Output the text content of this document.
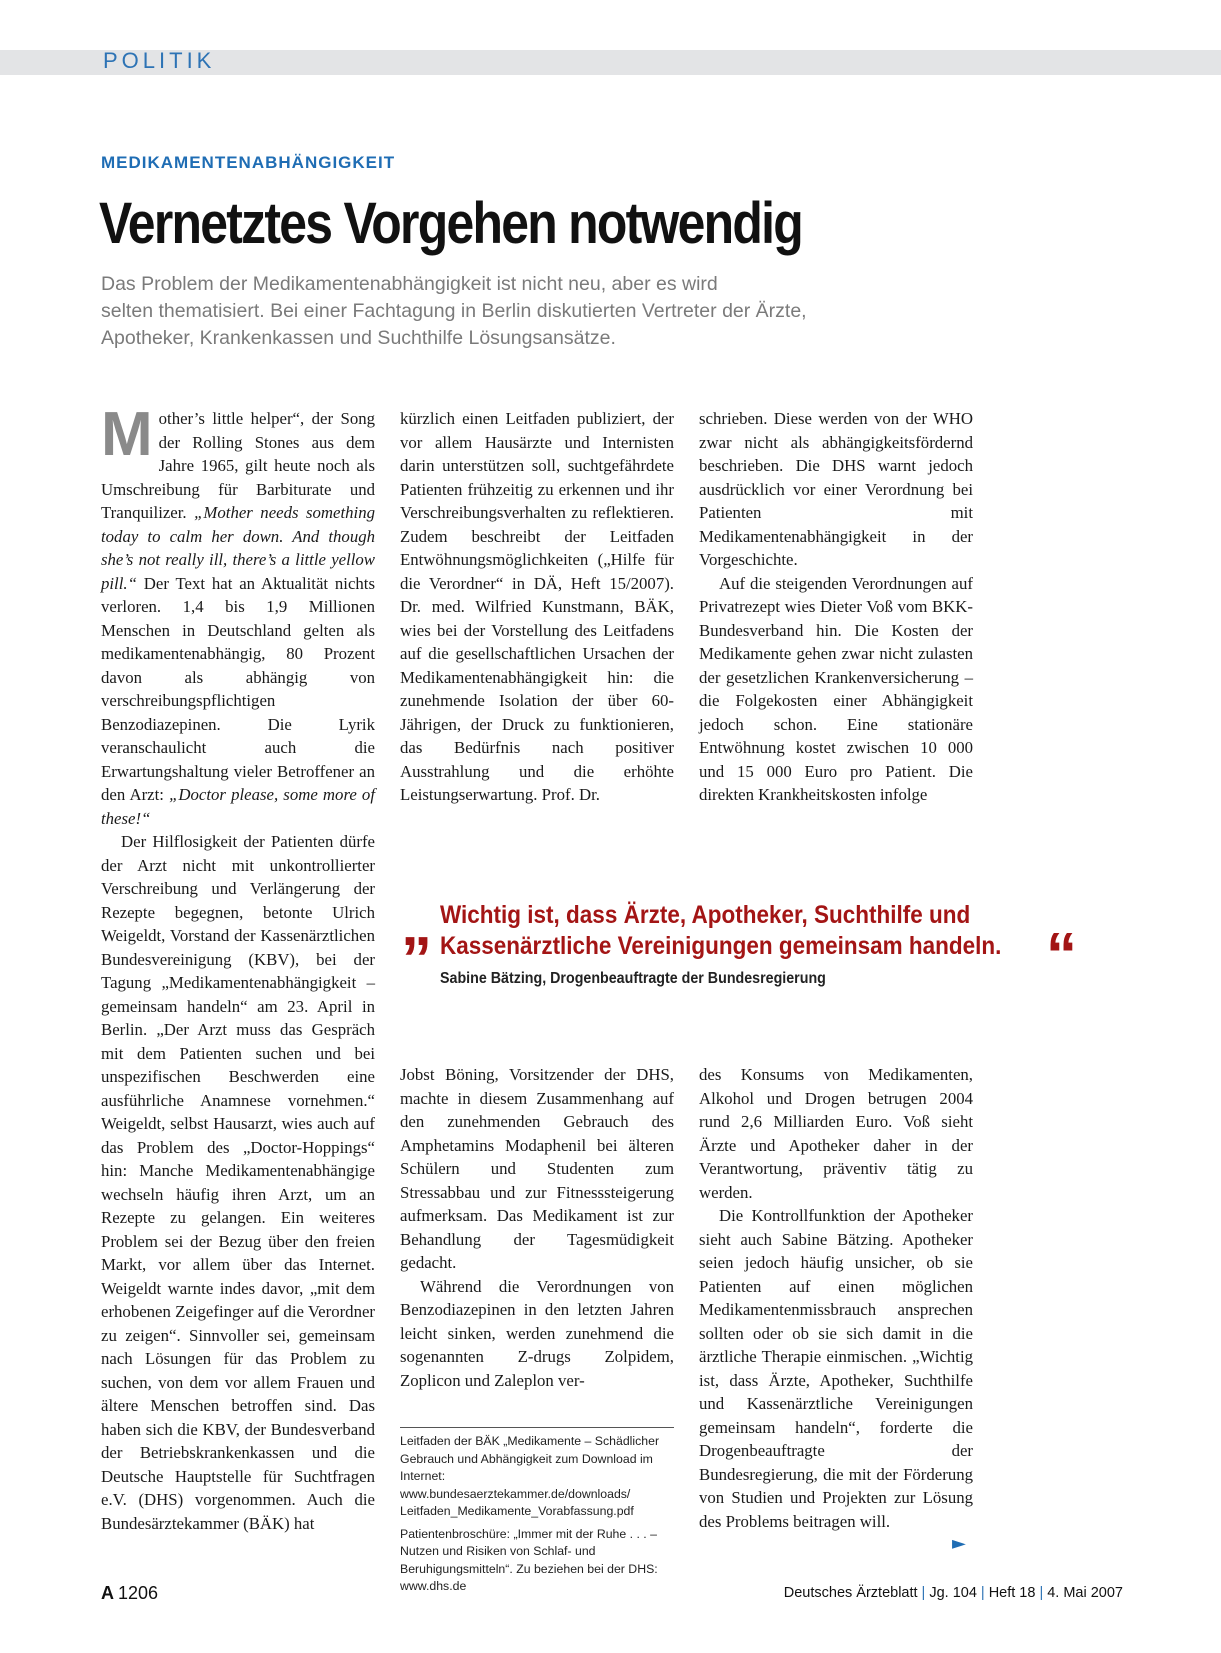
POLITIK
MEDIKAMENTENABHÄNGIGKEIT
Vernetztes Vorgehen notwendig
Das Problem der Medikamentenabhängigkeit ist nicht neu, aber es wird
selten thematisiert. Bei einer Fachtagung in Berlin diskutierten Vertreter der Ärzte,
Apotheker, Krankenkassen und Suchthilfe Lösungsansätze.

Mother’s little helper“, der Song der Rolling Stones aus dem Jahre 1965, gilt heute noch als Umschreibung für Barbiturate und Tranquilizer. „Mother needs something today to calm her down. And though she’s not really ill, there’s a little yellow pill.“ Der Text hat an Aktualität nichts verloren. 1,4 bis 1,9 Millionen Menschen in Deutschland gelten als medikamentenabhängig, 80 Prozent davon als abhängig von verschreibungspflichtigen Benzodiazepinen. Die Lyrik veranschaulicht auch die Erwartungshaltung vieler Betroffener an den Arzt: „Doctor please, some more of these!“

Der Hilflosigkeit der Patienten dürfe der Arzt nicht mit unkontrollierter Verschreibung und Verlängerung der Rezepte begegnen, betonte Ulrich Weigeldt, Vorstand der Kassenärztlichen Bundesvereinigung (KBV), bei der Tagung „Medikamentenabhängigkeit – gemeinsam handeln“ am 23. April in Berlin. „Der Arzt muss das Gespräch mit dem Patienten suchen und bei unspezifischen Beschwerden eine ausführliche Anamnese vornehmen.“ Weigeldt, selbst Hausarzt, wies auch auf das Problem des „Doctor-Hoppings“ hin: Manche Medikamentenabhängige wechseln häufig ihren Arzt, um an Rezepte zu gelangen. Ein weiteres Problem sei der Bezug über den freien Markt, vor allem über das Internet. Weigeldt warnte indes davor, „mit dem erhobenen Zeigefinger auf die Verordner zu zeigen“. Sinnvoller sei, gemeinsam nach Lösungen für das Problem zu suchen, von dem vor allem Frauen und ältere Menschen betroffen sind. Das haben sich die KBV, der Bundesverband der Betriebskrankenkassen und die Deutsche Hauptstelle für Suchtfragen e.V. (DHS) vorgenommen. Auch die Bundesärztekammer (BÄK) hat

kürzlich einen Leitfaden publiziert, der vor allem Hausärzte und Internisten darin unterstützen soll, suchtgefährdete Patienten frühzeitig zu erkennen und ihr Verschreibungsverhalten zu reflektieren. Zudem beschreibt der Leitfaden Entwöhnungsmöglichkeiten („Hilfe für die Verordner“ in DÄ, Heft 15/2007). Dr. med. Wilfried Kunstmann, BÄK, wies bei der Vorstellung des Leitfadens auf die gesellschaftlichen Ursachen der Medikamentenabhängigkeit hin: die zunehmende Isolation der über 60-Jährigen, der Druck zu funktionieren, das Bedürfnis nach positiver Ausstrahlung und die erhöhte Leistungserwartung. Prof. Dr.

schrieben. Diese werden von der WHO zwar nicht als abhängigkeitsfördernd beschrieben. Die DHS warnt jedoch ausdrücklich vor einer Verordnung bei Patienten mit Medikamentenabhängigkeit in der Vorgeschichte.

Auf die steigenden Verordnungen auf Privatrezept wies Dieter Voß vom BKK-Bundesverband hin. Die Kosten der Medikamente gehen zwar nicht zulasten der gesetzlichen Krankenversicherung – die Folgekosten einer Abhängigkeit jedoch schon. Eine stationäre Entwöhnung kostet zwischen 10 000 und 15 000 Euro pro Patient. Die direkten Krankheitskosten infolge

„ Wichtig ist, dass Ärzte, Apotheker, Suchthilfe und
Kassenärztliche Vereinigungen gemeinsam handeln. “
Sabine Bätzing, Drogenbeauftragte der Bundesregierung

Jobst Böning, Vorsitzender der DHS, machte in diesem Zusammenhang auf den zunehmenden Gebrauch des Amphetamins Modaphenil bei älteren Schülern und Studenten zum Stressabbau und zur Fitnesssteigerung aufmerksam. Das Medikament ist zur Behandlung der Tagesmüdigkeit gedacht.

Während die Verordnungen von Benzodiazepinen in den letzten Jahren leicht sinken, werden zunehmend die sogenannten Z-drugs Zolpidem, Zoplicon und Zaleplon ver-

des Konsums von Medikamenten, Alkohol und Drogen betrugen 2004 rund 2,6 Milliarden Euro. Voß sieht Ärzte und Apotheker daher in der Verantwortung, präventiv tätig zu werden.

Die Kontrollfunktion der Apotheker sieht auch Sabine Bätzing. Apotheker seien jedoch häufig unsicher, ob sie Patienten auf einen möglichen Medikamentenmissbrauch ansprechen sollten oder ob sie sich damit in die ärztliche Therapie einmischen. „Wichtig ist, dass Ärzte, Apotheker, Suchthilfe und Kassenärztliche Vereinigungen gemeinsam handeln“, forderte die Drogenbeauftragte der Bundesregierung, die mit der Förderung von Studien und Projekten zur Lösung des Problems beitragen will.

►

Leitfaden der BÄK „Medikamente – Schädlicher Gebrauch und Abhängigkeit zum Download im Internet: www.bundesaerztekammer.de/downloads/ Leitfaden_Medikamente_Vorabfassung.pdf

Patientenbroschüre: „Immer mit der Ruhe . . . – Nutzen und Risiken von Schlaf- und Beruhigungsmitteln“. Zu beziehen bei der DHS: www.dhs.de

A 1206	Deutsches Ärzteblatt | Jg. 104 | Heft 18 | 4. Mai 2007
